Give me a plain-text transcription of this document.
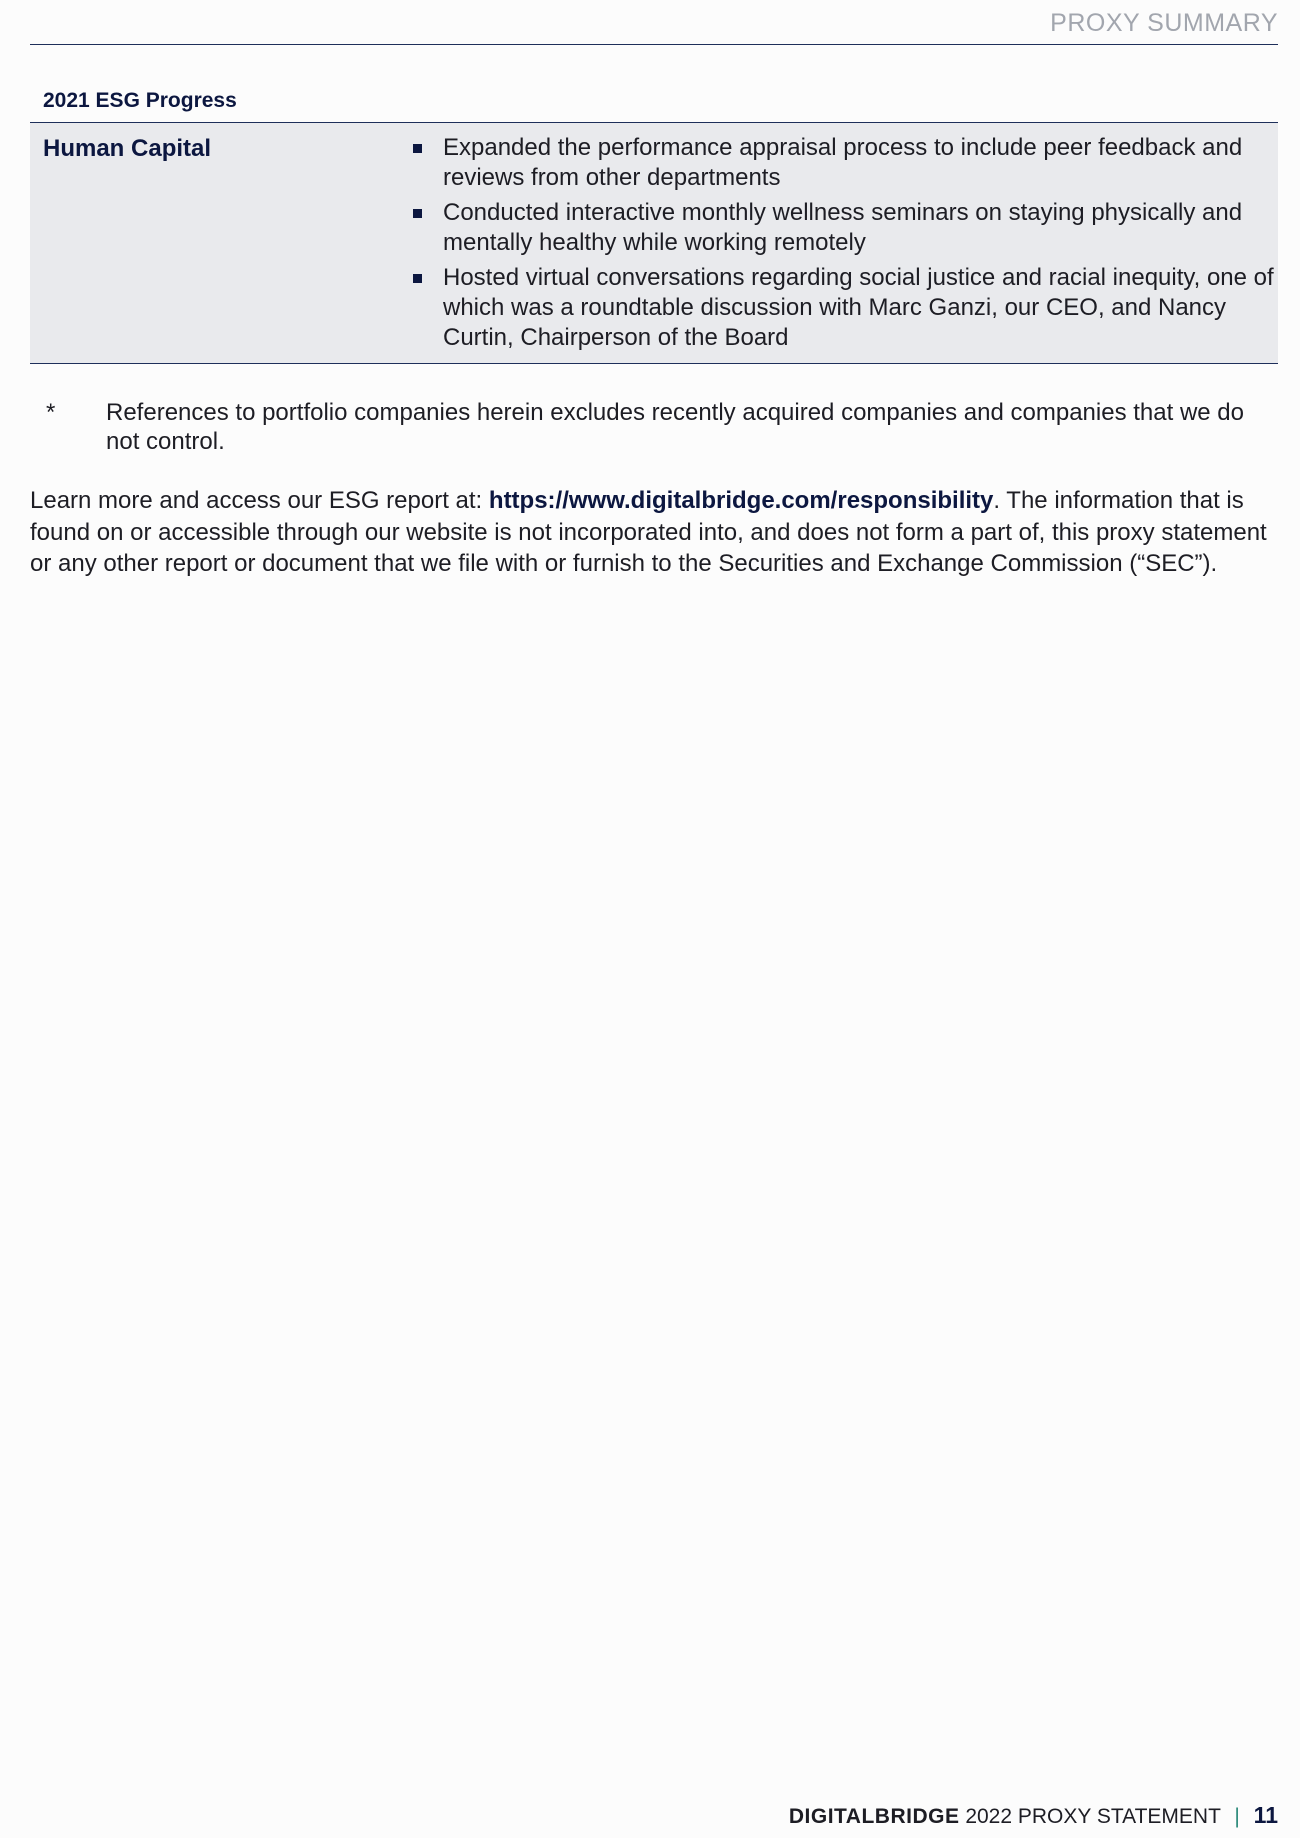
PROXY SUMMARY
2021 ESG Progress
Human Capital	Expanded the performance appraisal process to include peer feedback and reviews from other departments
Conducted interactive monthly wellness seminars on staying physically and mentally healthy while working remotely
Hosted virtual conversations regarding social justice and racial inequity, one of which was a roundtable discussion with Marc Ganzi, our CEO, and Nancy Curtin, Chairperson of the Board
*	References to portfolio companies herein excludes recently acquired companies and companies that we do not control.

Learn more and access our ESG report at: https://www.digitalbridge.com/responsibility. The information that is found on or accessible through our website is not incorporated into, and does not form a part of, this proxy statement or any other report or document that we file with or furnish to the Securities and Exchange Commission (“SEC”).

DIGITALBRIDGE 2022 PROXY STATEMENT | 11
